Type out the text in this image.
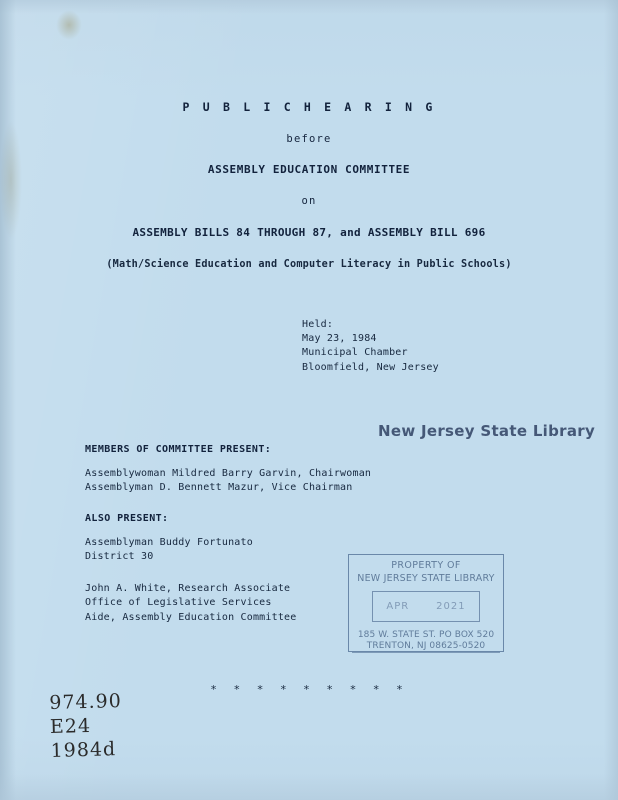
P U B L I C H E A R I N G
before
ASSEMBLY EDUCATION COMMITTEE
on
ASSEMBLY BILLS 84 THROUGH 87, and ASSEMBLY BILL 696
(Math/Science Education and Computer Literacy in Public Schools)
Held:
May 23, 1984
Municipal Chamber
Bloomfield, New Jersey
New Jersey State Library
MEMBERS OF COMMITTEE PRESENT:
Assemblywoman Mildred Barry Garvin, Chairwoman
Assemblyman D. Bennett Mazur, Vice Chairman
ALSO PRESENT:
Assemblyman Buddy Fortunato
District 30
John A. White, Research Associate
Office of Legislative Services
Aide, Assembly Education Committee
PROPERTY OF
NEW JERSEY STATE LIBRARY
APR	2021
185 W. STATE ST. PO BOX 520
TRENTON, NJ 08625-0520
* * * * * * * * *
974.90
E24
1984d
